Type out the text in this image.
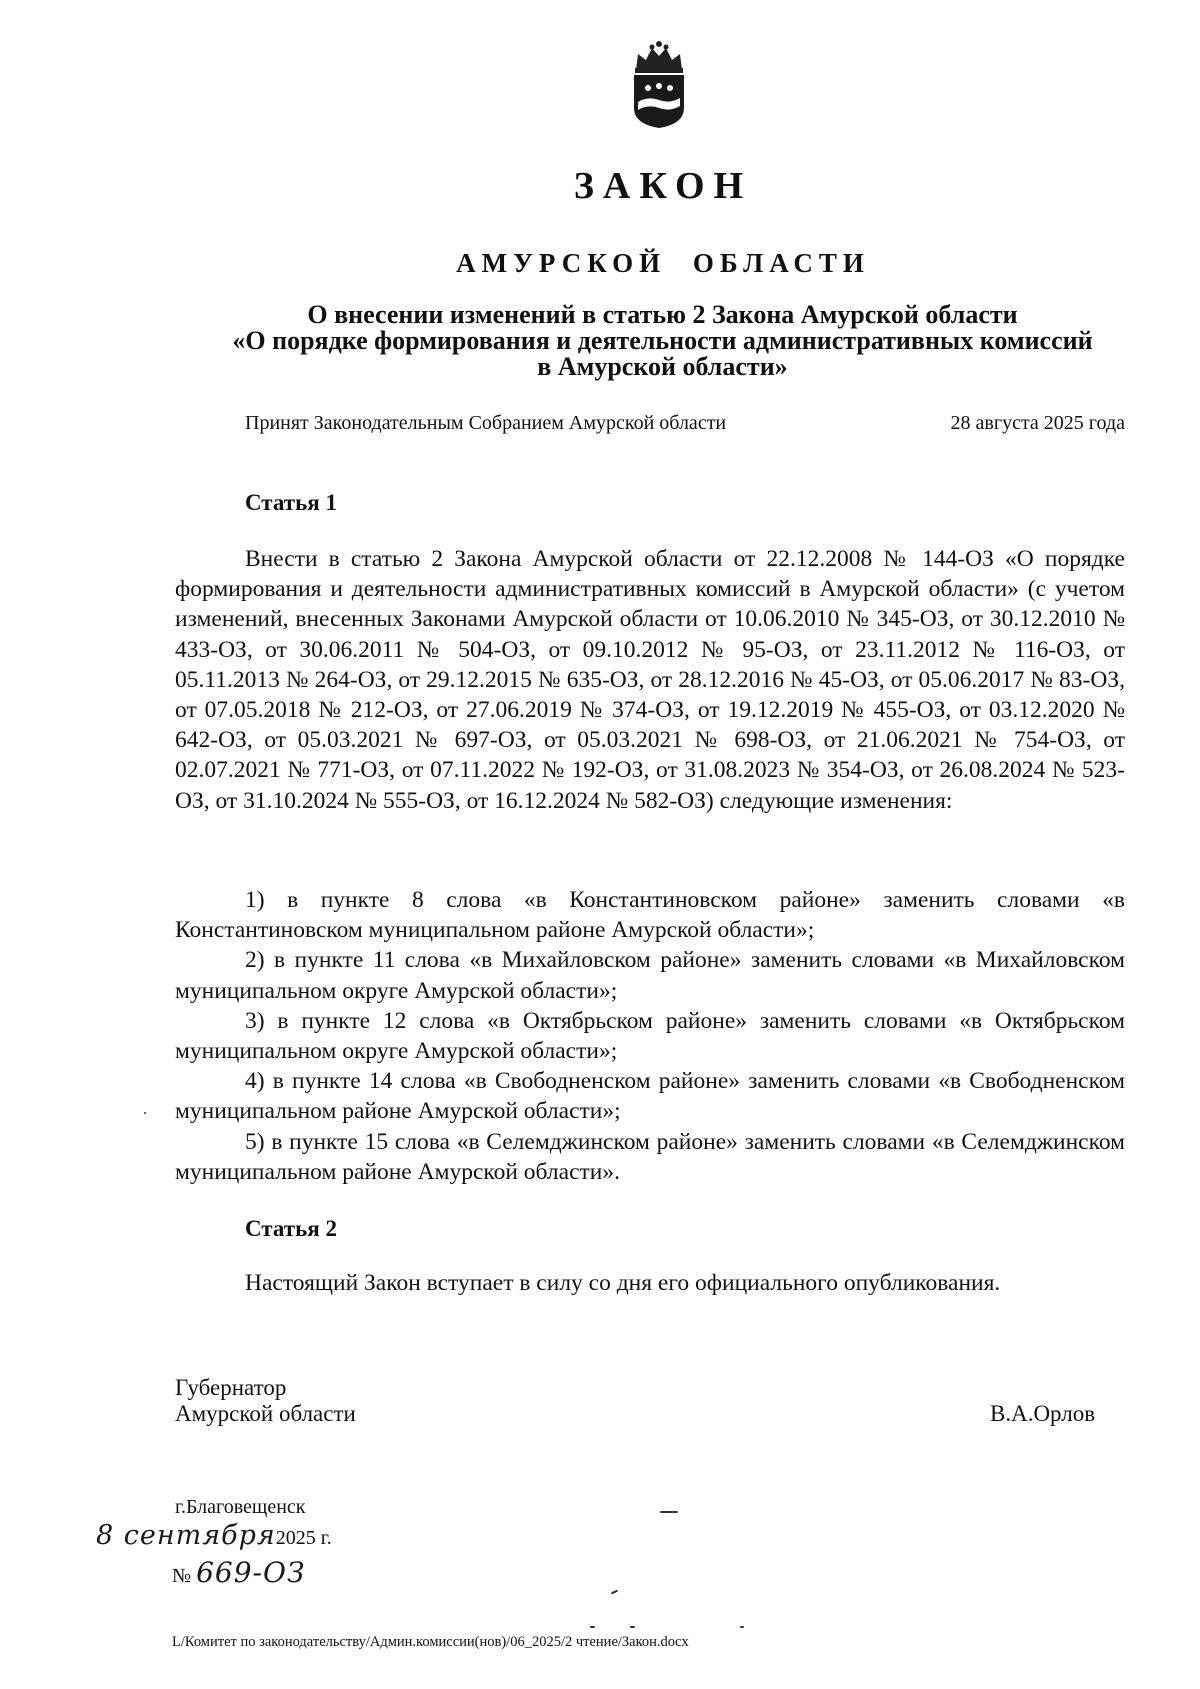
ЗАКОН
АМУРСКОЙ ОБЛАСТИ
О внесении изменений в статью 2 Закона Амурской области
«О порядке формирования и деятельности административных комиссий
в Амурской области»
Принят Законодательным Собранием Амурской области	28 августа 2025 года
Статья 1

Внести в статью 2 Закона Амурской области от 22.12.2008 № 144-ОЗ «О порядке формирования и деятельности административных комиссий в Амурской области» (с учетом изменений, внесенных Законами Амурской области от 10.06.2010 № 345-ОЗ, от 30.12.2010 № 433-ОЗ, от 30.06.2011 № 504-ОЗ, от 09.10.2012 № 95-ОЗ, от 23.11.2012 № 116-ОЗ, от 05.11.2013 № 264-ОЗ, от 29.12.2015 № 635-ОЗ, от 28.12.2016 № 45-ОЗ, от 05.06.2017 № 83-ОЗ, от 07.05.2018 № 212-ОЗ, от 27.06.2019 № 374-ОЗ, от 19.12.2019 № 455-ОЗ, от 03.12.2020 № 642-ОЗ, от 05.03.2021 № 697-ОЗ, от 05.03.2021 № 698-ОЗ, от 21.06.2021 № 754-ОЗ, от 02.07.2021 № 771-ОЗ, от 07.11.2022 № 192-ОЗ, от 31.08.2023 № 354-ОЗ, от 26.08.2024 № 523-ОЗ, от 31.10.2024 № 555-ОЗ, от 16.12.2024 № 582-ОЗ) следующие изменения:

1) в пункте 8 слова «в Константиновском районе» заменить словами «в Константиновском муниципальном районе Амурской области»;

2) в пункте 11 слова «в Михайловском районе» заменить словами «в Михайловском муниципальном округе Амурской области»;

3) в пункте 12 слова «в Октябрьском районе» заменить словами «в Октябрьском муниципальном округе Амурской области»;

4) в пункте 14 слова «в Свободненском районе» заменить словами «в Свободненском муниципальном районе Амурской области»;

5) в пункте 15 слова «в Селемджинском районе» заменить словами «в Селемджинском муниципальном районе Амурской области».

Статья 2

Настоящий Закон вступает в силу со дня его официального опубликования.

Губернатор
Амурской области	В.А.Орлов
г.Благовещенск
8 сентября2025 г.
№ 669-ОЗ
L/Комитет по законодательству/Админ.комиссии(нов)/06_2025/2 чтение/Закон.docx
